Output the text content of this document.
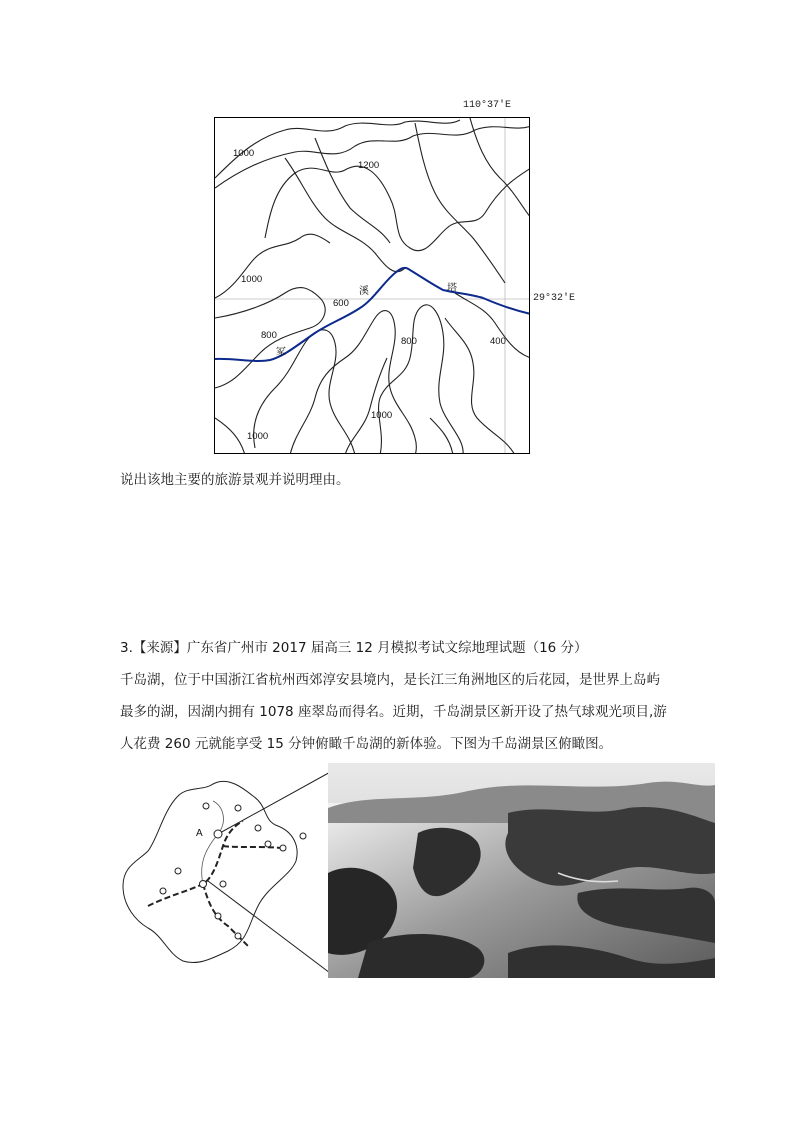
110°37′E
29°32′E
1000
1200
1000
600
800
800	400
1000
1000
溪	塔
冢
说出该地主要的旅游景观并说明理由。
3.【来源】广东省广州市 2017 届高三 12 月模拟考试文综地理试题（16 分）
千岛湖，位于中国浙江省杭州西郊淳安县境内，是长江三角洲地区的后花园，是世界上岛屿
最多的湖，因湖内拥有 1078 座翠岛而得名。近期，千岛湖景区新开设了热气球观光项目,游
人花费 260 元就能享受 15 分钟俯瞰千岛湖的新体验。下图为千岛湖景区俯瞰图。
A
